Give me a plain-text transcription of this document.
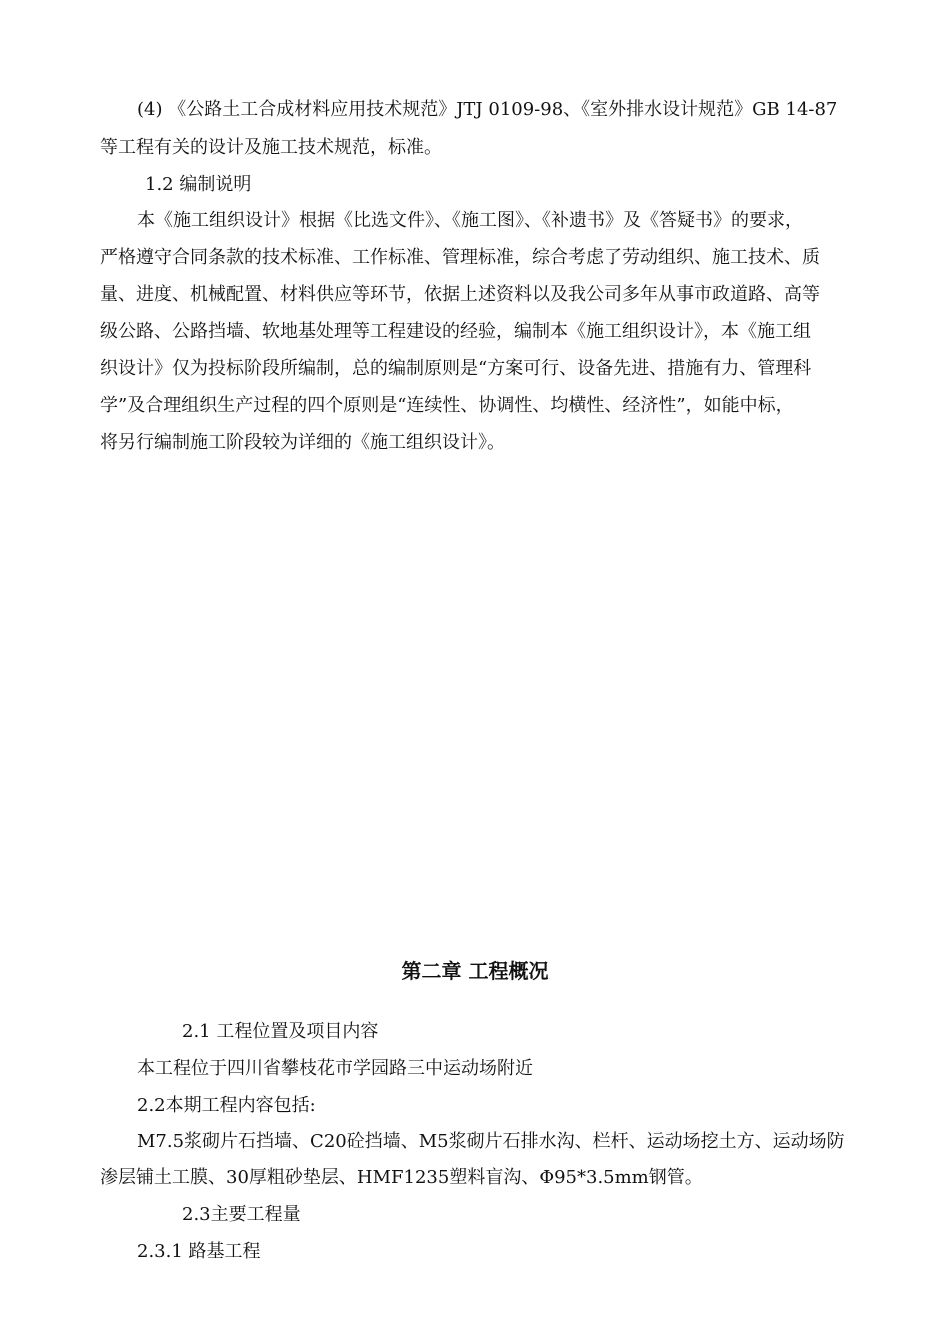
(4) 《公路土工合成材料应用技术规范》JTJ 0109-98、《室外排水设计规范》GB 14-87
等工程有关的设计及施工技术规范，标准。
1.2 编制说明
本《施工组织设计》根据《比选文件》、《施工图》、《补遗书》及《答疑书》的要求，
严格遵守合同条款的技术标准、工作标准、管理标准，综合考虑了劳动组织、施工技术、质
量、进度、机械配置、材料供应等环节，依据上述资料以及我公司多年从事市政道路、高等
级公路、公路挡墙、软地基处理等工程建设的经验，编制本《施工组织设计》，本《施工组
织设计》仅为投标阶段所编制，总的编制原则是“方案可行、设备先进、措施有力、管理科
学”及合理组织生产过程的四个原则是“连续性、协调性、均横性、经济性”，如能中标，
将另行编制施工阶段较为详细的《施工组织设计》。
第二章 工程概况
2.1 工程位置及项目内容
本工程位于四川省攀枝花市学园路三中运动场附近
2.2本期工程内容包括:
M7.5浆砌片石挡墙、C20砼挡墙、M5浆砌片石排水沟、栏杆、运动场挖土方、运动场防
渗层铺土工膜、30厚粗砂垫层、HMF1235塑料盲沟、Φ95*3.5mm钢管。
2.3主要工程量
2.3.1 路基工程
